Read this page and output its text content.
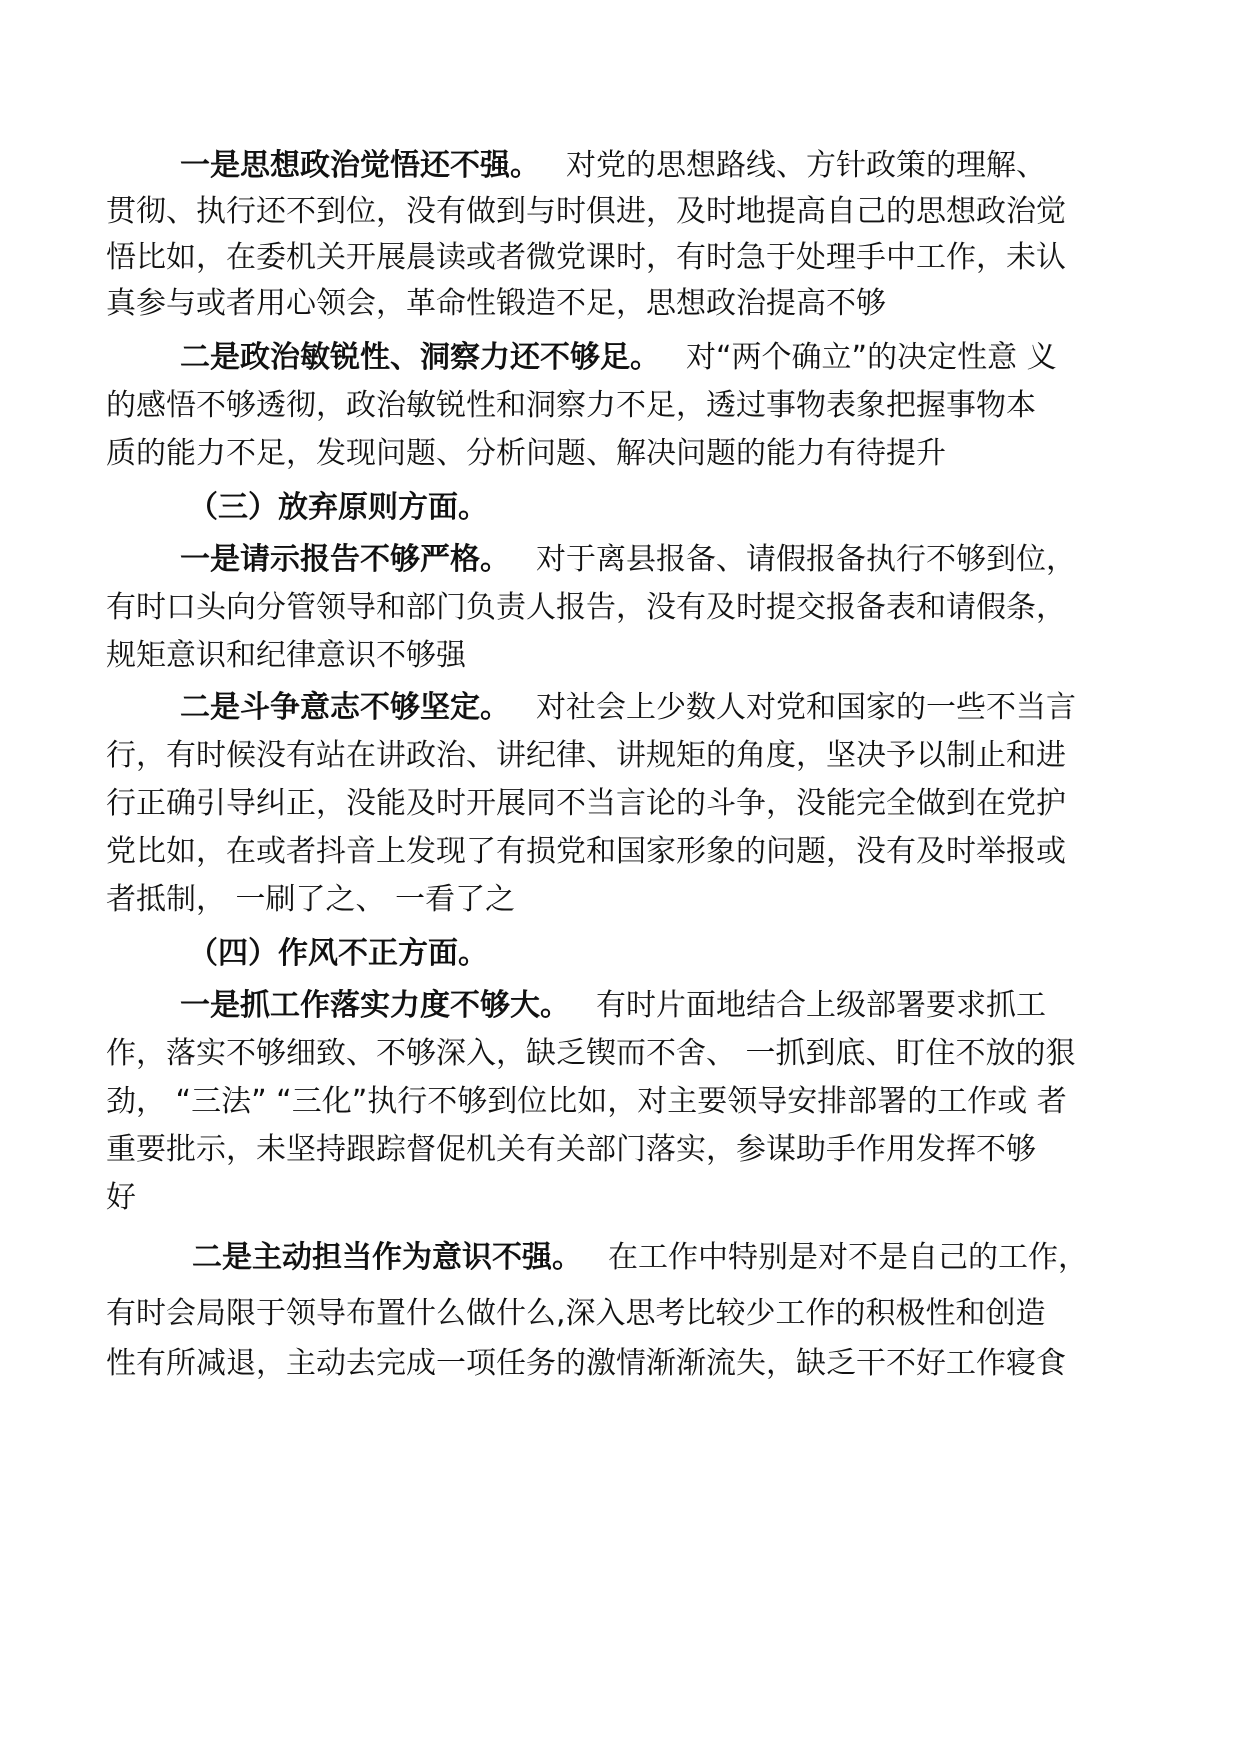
一是思想政治觉悟还不强。 对党的思想路线、方针政策的理解、
贯彻、执行还不到位，没有做到与时俱进，及时地提高自己的思想政治觉
悟比如，在委机关开展晨读或者微党课时，有时急于处理手中工作，未认
真参与或者用心领会，革命性锻造不足，思想政治提高不够
二是政治敏锐性、洞察力还不够足。 对“两个确立”的决定性意 义
的感悟不够透彻，政治敏锐性和洞察力不足，透过事物表象把握事物本
质的能力不足，发现问题、分析问题、解决问题的能力有待提升
（三）放弃原则方面。
一是请示报告不够严格。 对于离县报备、请假报备执行不够到位，
有时口头向分管领导和部门负责人报告，没有及时提交报备表和请假条，
规矩意识和纪律意识不够强
二是斗争意志不够坚定。 对社会上少数人对党和国家的一些不当言
行，有时候没有站在讲政治、讲纪律、讲规矩的角度，坚决予以制止和进
行正确引导纠正，没能及时开展同不当言论的斗争，没能完全做到在党护
党比如，在或者抖音上发现了有损党和国家形象的问题，没有及时举报或
者抵制， 一刷了之、 一看了之
（四）作风不正方面。
一是抓工作落实力度不够大。 有时片面地结合上级部署要求抓工
作，落实不够细致、不够深入，缺乏锲而不舍、 一抓到底、盯住不放的狠
劲， “三法” “三化”执行不够到位比如，对主要领导安排部署的工作或 者
重要批示，未坚持跟踪督促机关有关部门落实，参谋助手作用发挥不够
好
二是主动担当作为意识不强。 在工作中特别是对不是自己的工作，
有时会局限于领导布置什么做什么,深入思考比较少工作的积极性和创造
性有所减退，主动去完成一项任务的激情渐渐流失，缺乏干不好工作寝食
